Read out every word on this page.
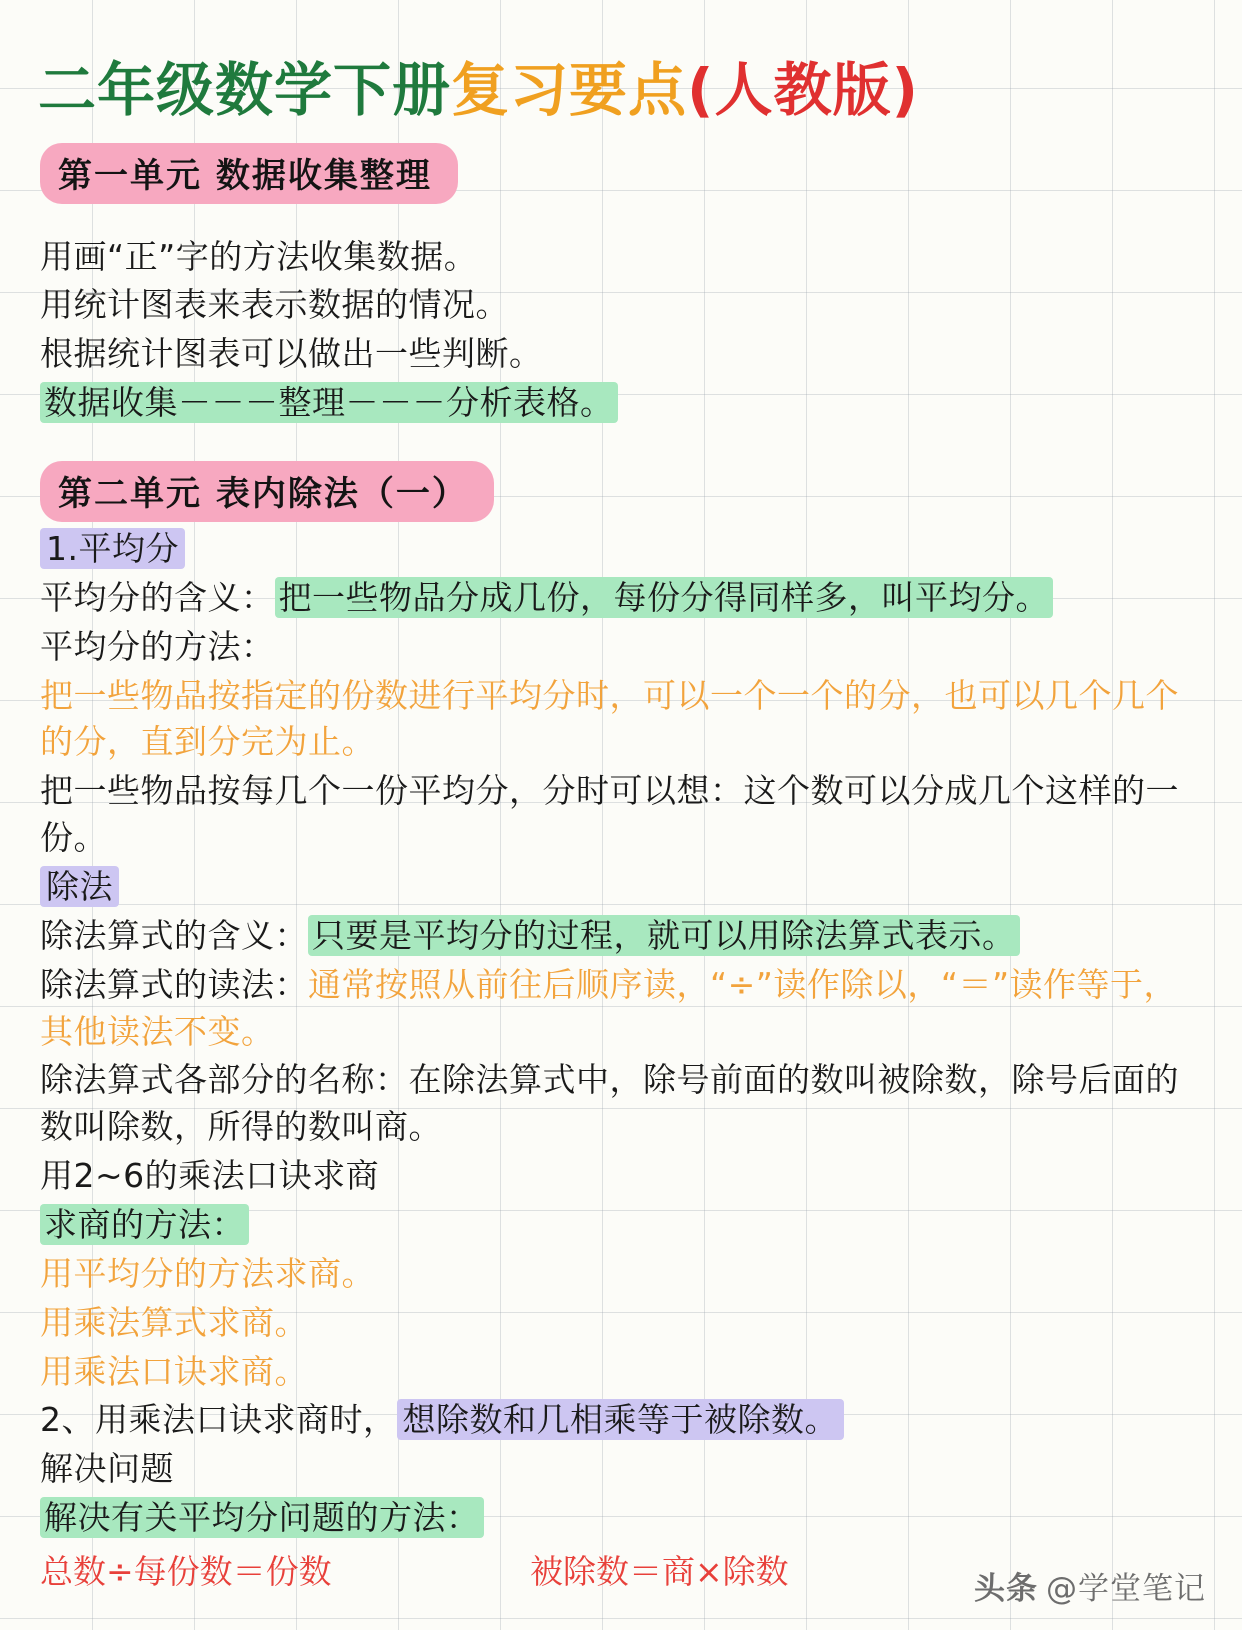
二年级数学下册复习要点(人教版)
第一单元 数据收集整理
用画“正”字的方法收集数据。
用统计图表来表示数据的情况。
根据统计图表可以做出一些判断。
数据收集－－－整理－－－分析表格。
第二单元 表内除法（一）
1.平均分
平均分的含义： 把一些物品分成几份，每份分得同样多，叫平均分。
平均分的方法：
把一些物品按指定的份数进行平均分时，可以一个一个的分，也可以几个几个的分，直到分完为止。
把一些物品按每几个一份平均分，分时可以想：这个数可以分成几个这样的一份。
除法
除法算式的含义： 只要是平均分的过程，就可以用除法算式表示。
除法算式的读法：通常按照从前往后顺序读，“÷”读作除以，“＝”读作等于，其他读法不变。
除法算式各部分的名称：在除法算式中，除号前面的数叫被除数，除号后面的数叫除数，所得的数叫商。
用2~6的乘法口诀求商
求商的方法：
用平均分的方法求商。
用乘法算式求商。
用乘法口诀求商。
2、用乘法口诀求商时， 想除数和几相乘等于被除数。
解决问题
解决有关平均分问题的方法：
总数÷每份数＝份数	被除数＝商×除数	头条 @学堂笔记
